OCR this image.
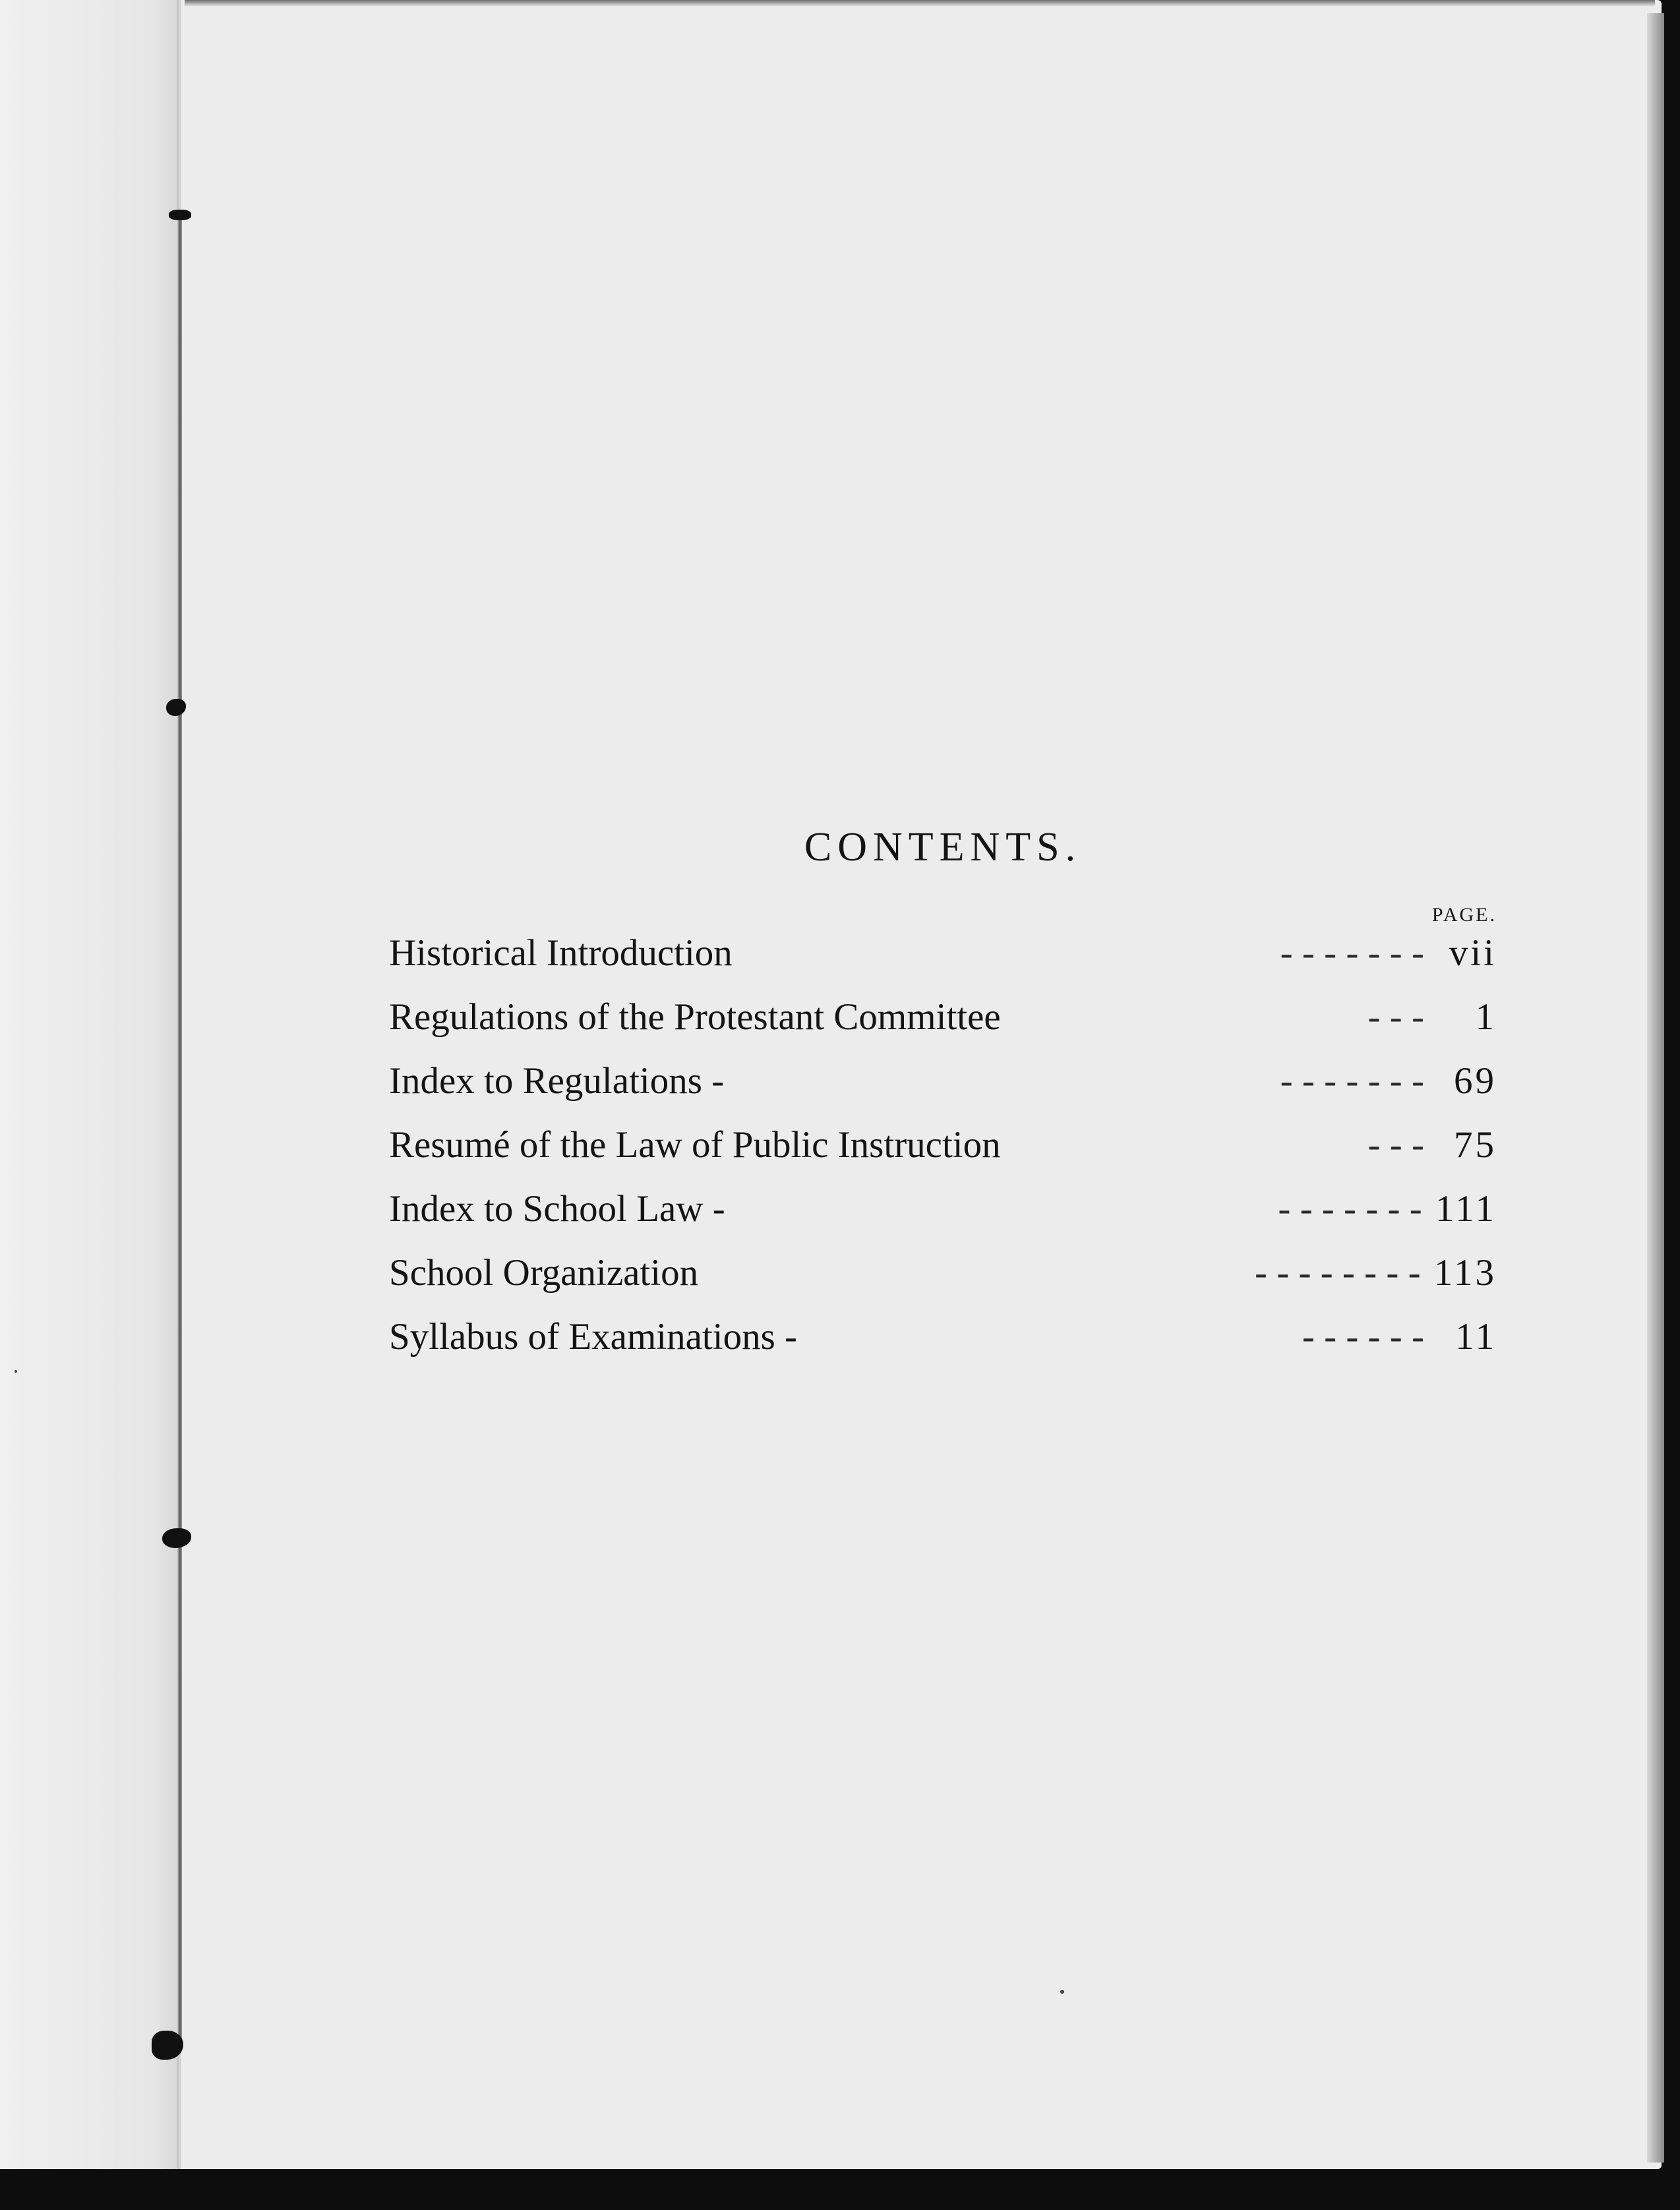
CONTENTS.
PAGE.
Historical Introduction	- - - - - - - vii
Regulations of the Protestant Committee	- - -	1
Index to Regulations -	- - - - - - - 69
Resumé of the Law of Public Instruction	- - - 75
Index to School Law -	- - - - - - - 111
School Organization	- - - - - - - - 113
Syllabus of Examinations -	- - - - - - 11
